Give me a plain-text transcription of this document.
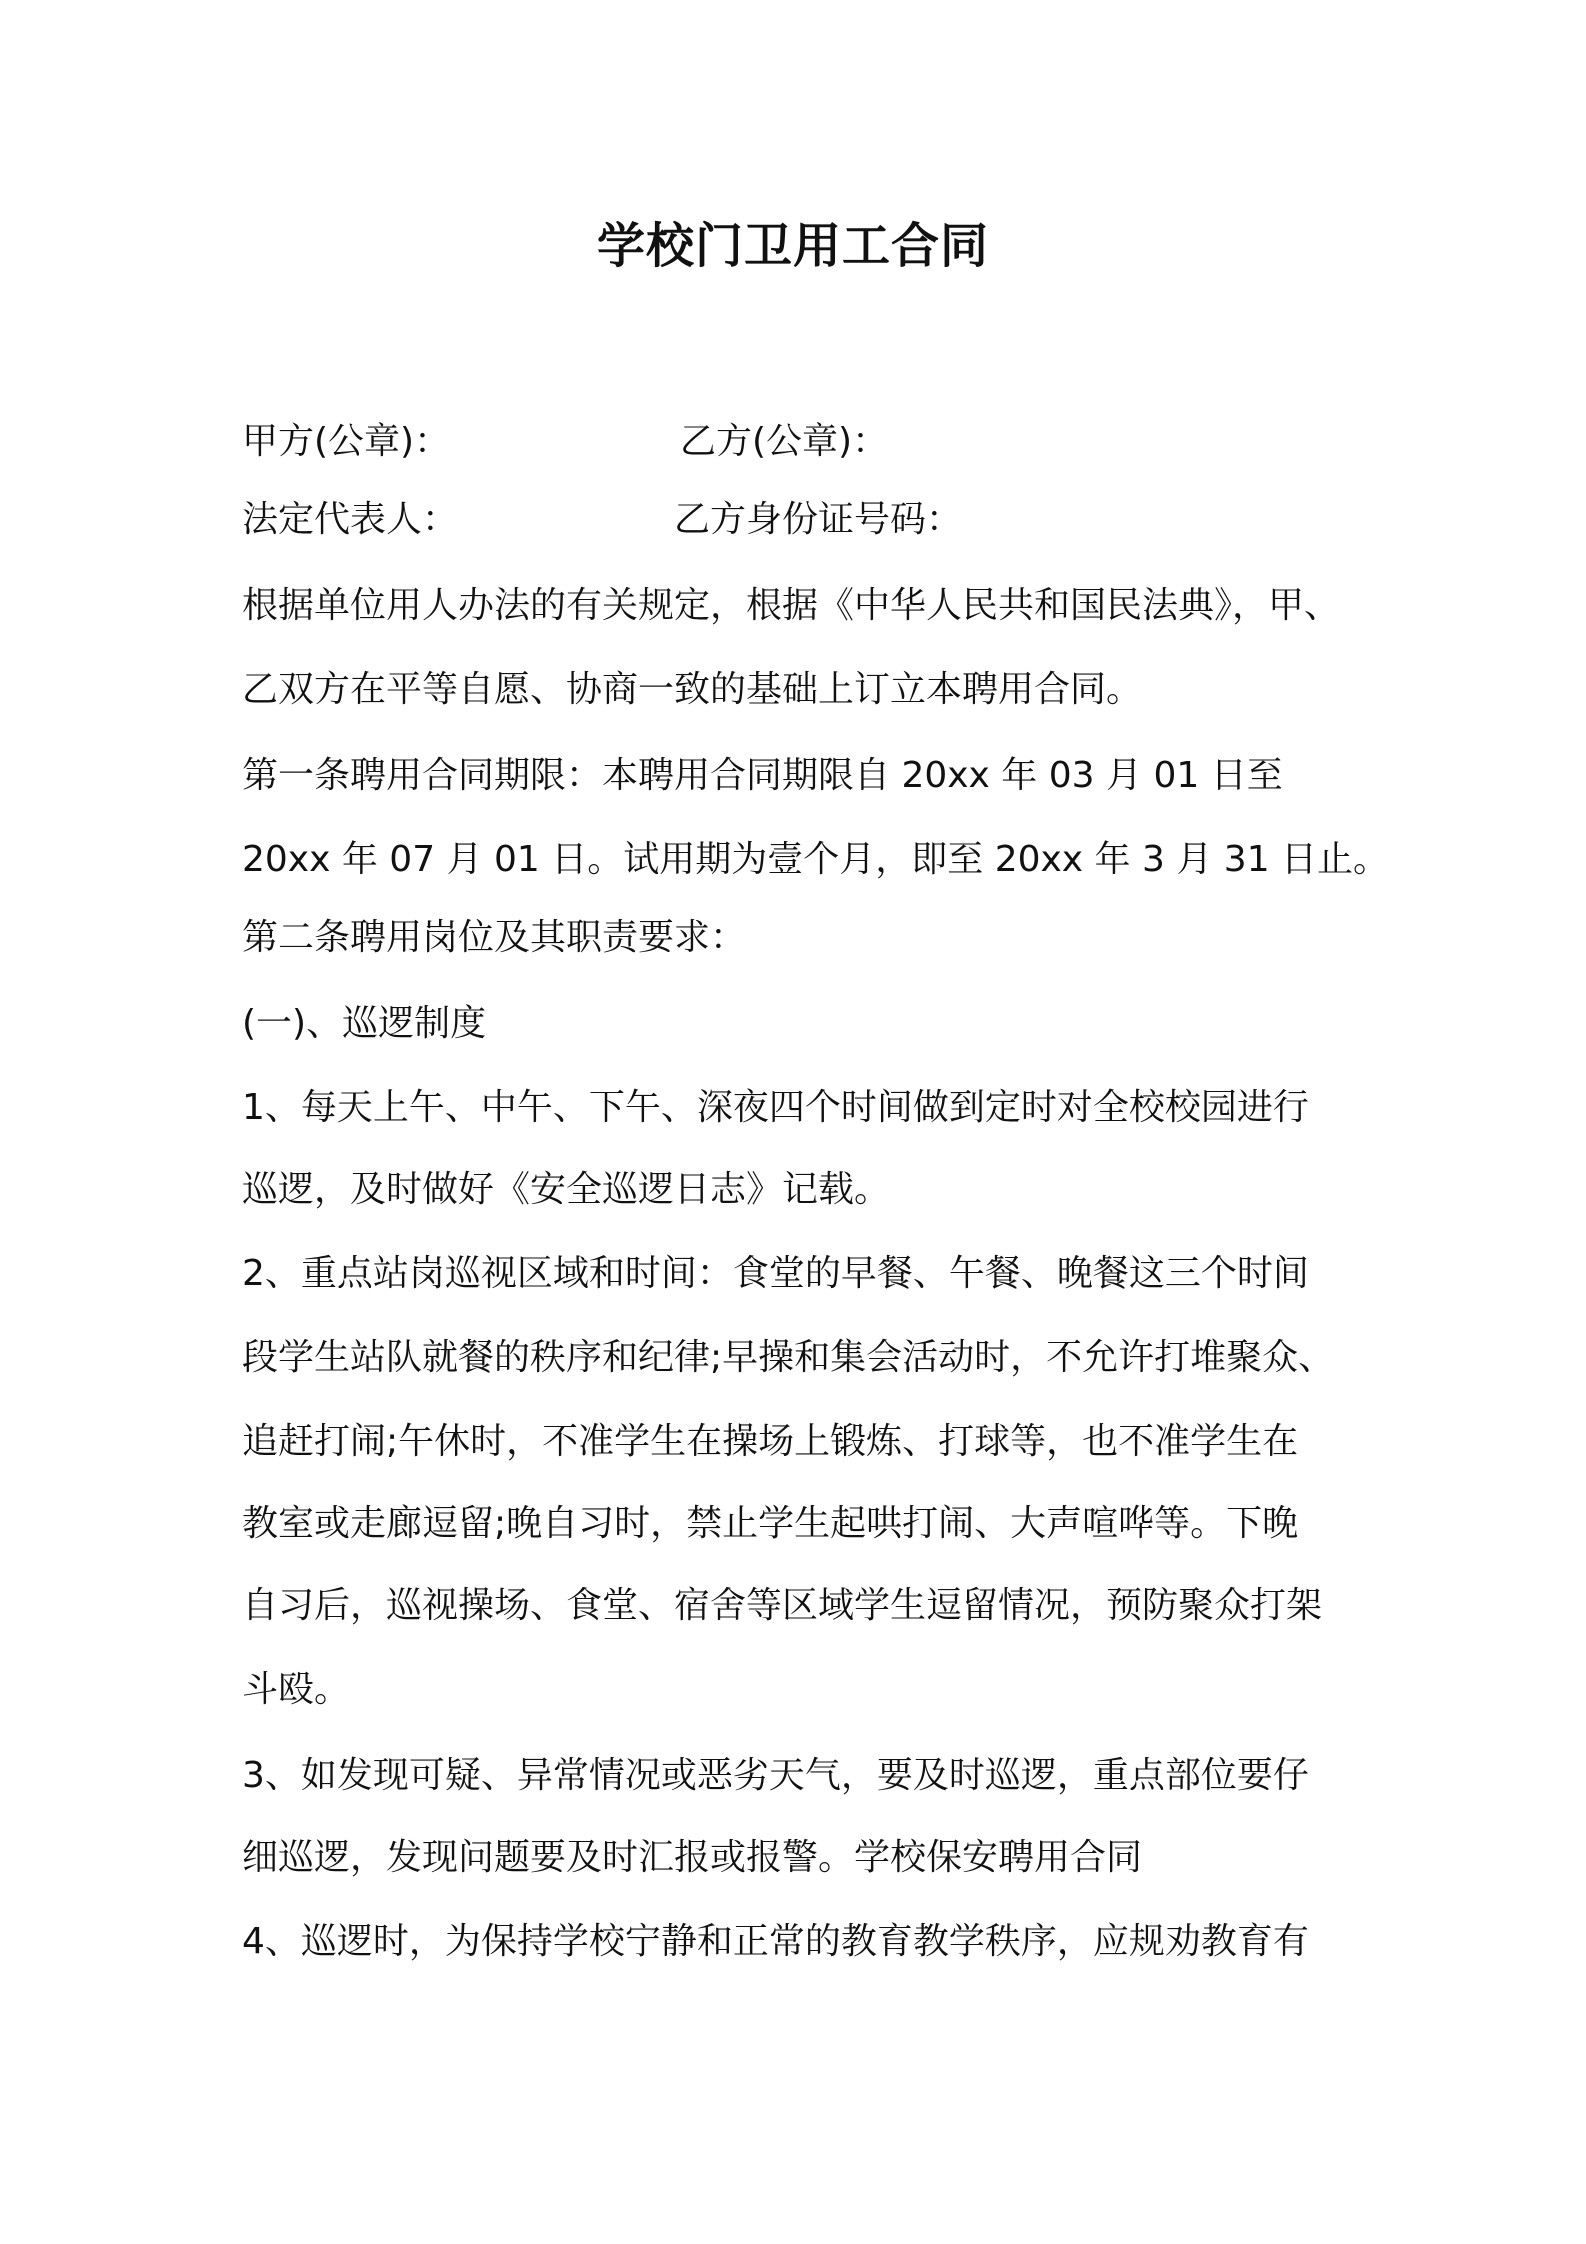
学校门卫用工合同
甲方(公章)：	乙方(公章)：
法定代表人：	乙方身份证号码：
根据单位用人办法的有关规定，根据《中华人民共和国民法典》，甲、
乙双方在平等自愿、协商一致的基础上订立本聘用合同。
第一条聘用合同期限：本聘用合同期限自 20xx 年 03 月 01 日至
20xx 年 07 月 01 日。试用期为壹个月，即至 20xx 年 3 月 31 日止。
第二条聘用岗位及其职责要求：
(一)、巡逻制度
1、每天上午、中午、下午、深夜四个时间做到定时对全校校园进行
巡逻，及时做好《安全巡逻日志》记载。
2、重点站岗巡视区域和时间：食堂的早餐、午餐、晚餐这三个时间
段学生站队就餐的秩序和纪律;早操和集会活动时，不允许打堆聚众、
追赶打闹;午休时，不准学生在操场上锻炼、打球等，也不准学生在
教室或走廊逗留;晚自习时，禁止学生起哄打闹、大声喧哗等。下晚
自习后，巡视操场、食堂、宿舍等区域学生逗留情况，预防聚众打架
斗殴。
3、如发现可疑、异常情况或恶劣天气，要及时巡逻，重点部位要仔
细巡逻，发现问题要及时汇报或报警。学校保安聘用合同
4、巡逻时，为保持学校宁静和正常的教育教学秩序，应规劝教育有
